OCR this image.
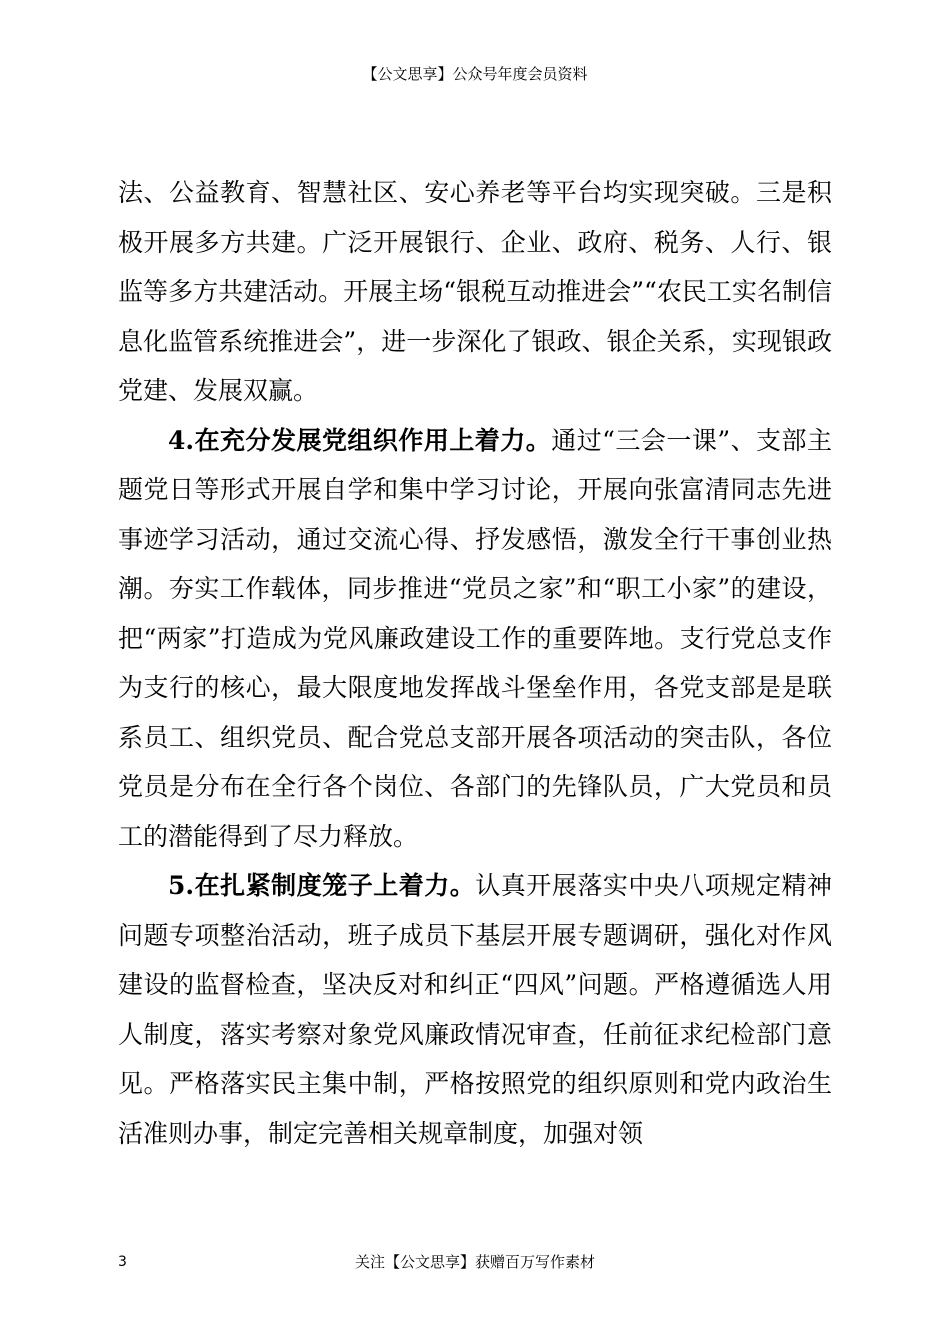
【公文思享】公众号年度会员资料

法、公益教育、智慧社区、安心养老等平台均实现突破。三是积极开展多方共建。广泛开展银行、企业、政府、税务、人行、银监等多方共建活动。开展主场“银税互动推进会”“农民工实名制信息化监管系统推进会”，进一步深化了银政、银企关系，实现银政党建、发展双赢。

4.在充分发展党组织作用上着力。通过“三会一课”、支部主题党日等形式开展自学和集中学习讨论，开展向张富清同志先进事迹学习活动，通过交流心得、抒发感悟，激发全行干事创业热潮。夯实工作载体，同步推进“党员之家”和“职工小家”的建设，把“两家”打造成为党风廉政建设工作的重要阵地。支行党总支作为支行的核心，最大限度地发挥战斗堡垒作用，各党支部是是联系员工、组织党员、配合党总支部开展各项活动的突击队，各位党员是分布在全行各个岗位、各部门的先锋队员，广大党员和员工的潜能得到了尽力释放。

5.在扎紧制度笼子上着力。认真开展落实中央八项规定精神问题专项整治活动，班子成员下基层开展专题调研，强化对作风建设的监督检查，坚决反对和纠正“四风”问题。严格遵循选人用人制度，落实考察对象党风廉政情况审查，任前征求纪检部门意见。严格落实民主集中制，严格按照党的组织原则和党内政治生活准则办事，制定完善相关规章制度，加强对领

3	关注【公文思享】获赠百万写作素材
